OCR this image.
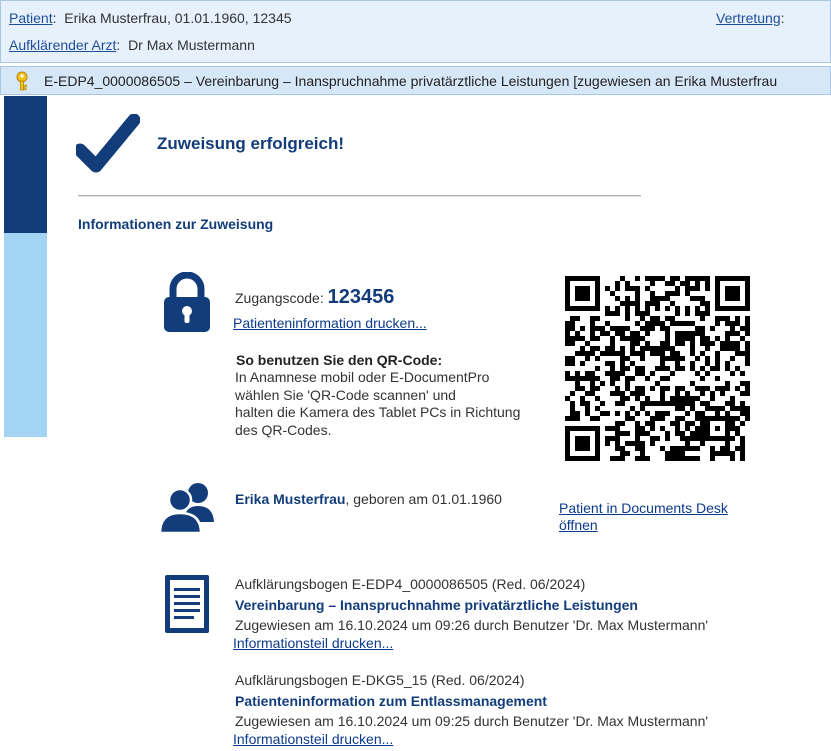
Patient:  Erika Musterfrau, 01.01.1960, 12345
Aufklärender Arzt:  Dr Max Mustermann
Vertretung:
E-EDP4_0000086505 – Vereinbarung – Inanspruchnahme privatärztliche Leistungen [zugewiesen an Erika Musterfrau
Zuweisung erfolgreich!
Informationen zur Zuweisung
Zugangscode: 123456
Patienteninformation drucken...
So benutzen Sie den QR-Code:
In Anamnese mobil oder E-DocumentPro
wählen Sie 'QR-Code scannen' und
halten die Kamera des Tablet PCs in Richtung
des QR-Codes.
Erika Musterfrau, geboren am 01.01.1960
Patient in Documents Desk
öffnen
Aufklärungsbogen E-EDP4_0000086505 (Red. 06/2024)
Vereinbarung – Inanspruchnahme privatärztliche Leistungen
Zugewiesen am 16.10.2024 um 09:26 durch Benutzer 'Dr. Max Mustermann'
Informationsteil drucken...
Aufklärungsbogen E-DKG5_15 (Red. 06/2024)
Patienteninformation zum Entlassmanagement
Zugewiesen am 16.10.2024 um 09:25 durch Benutzer 'Dr. Max Mustermann'
Informationsteil drucken...
